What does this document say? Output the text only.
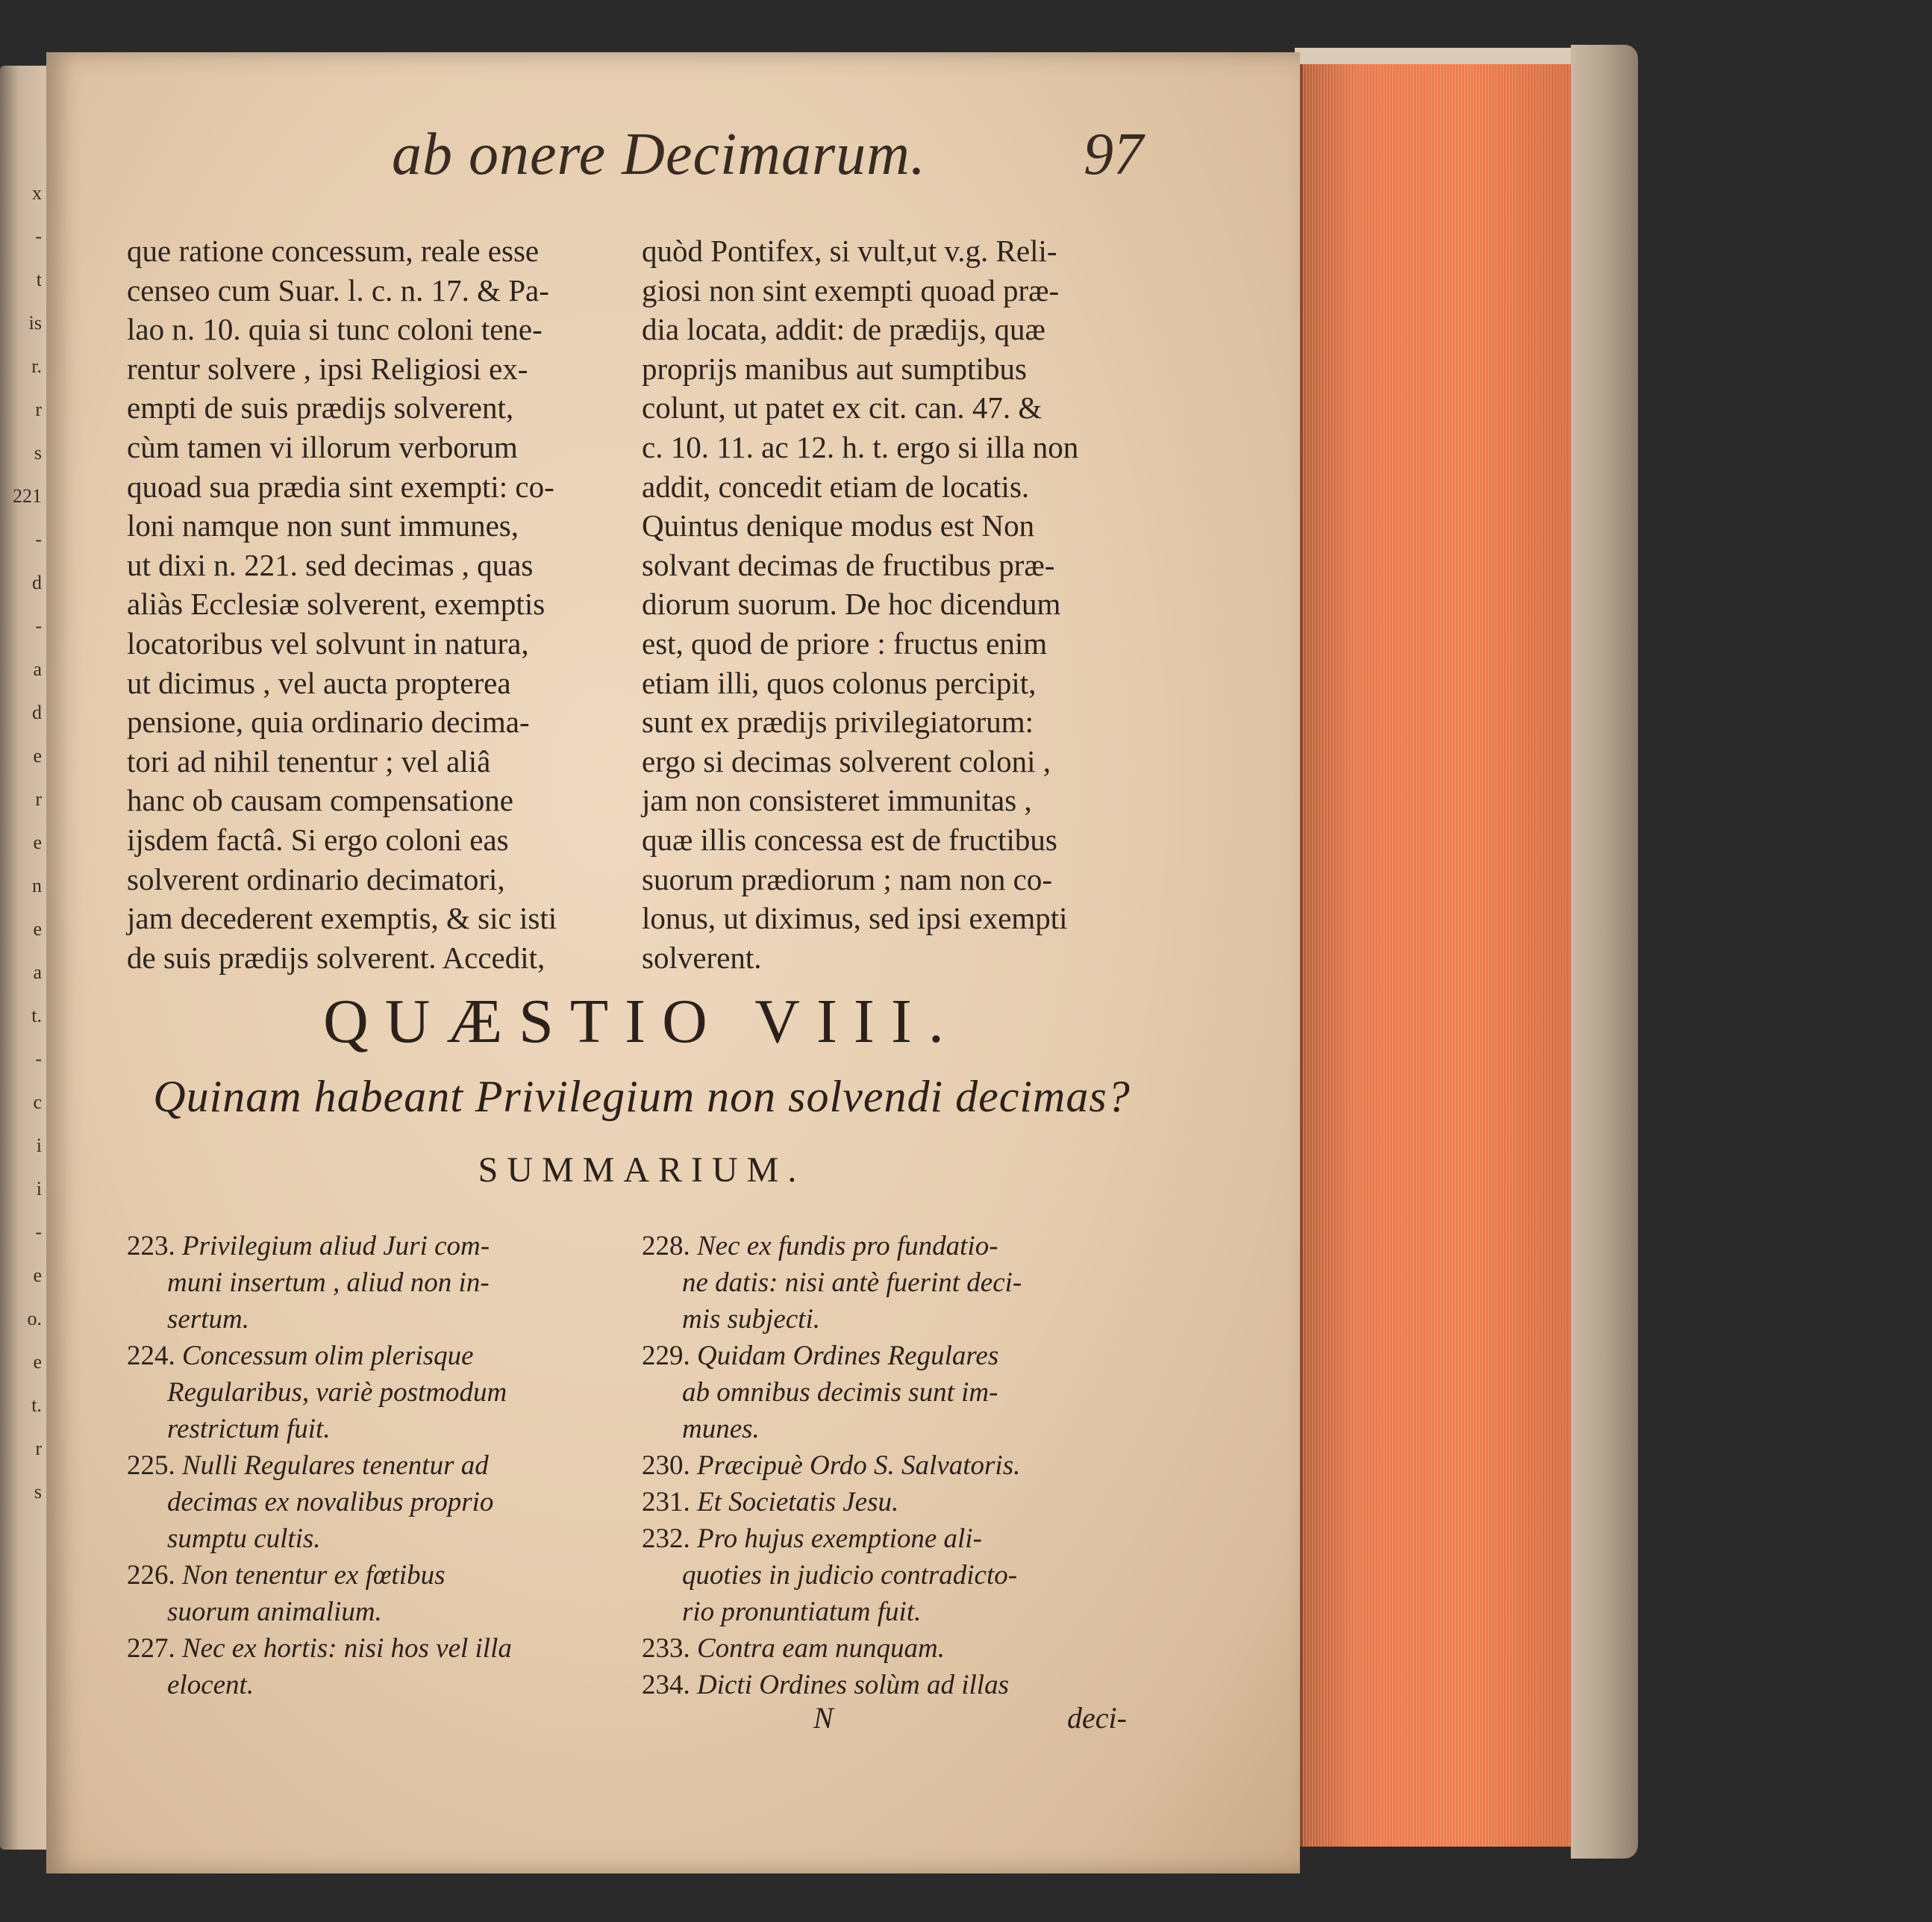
x
-
t
is
r.
r
s
221
-
d
-
a
d
e
r
e
n
e
a
t.
-
c
i
i
-
e
o.
e
t.
r
s
ab onere Decimarum.	97
que ratione concessum, reale esse
censeo cum Suar. l. c. n. 17. & Pa-
lao n. 10. quia si tunc coloni tene-
rentur solvere , ipsi Religiosi ex-
empti de suis prædijs solverent,
cùm tamen vi illorum verborum
quoad sua prædia sint exempti: co-
loni namque non sunt immunes,
ut dixi n. 221. sed decimas , quas
aliàs Ecclesiæ solverent, exemptis
locatoribus vel solvunt in natura,
ut dicimus , vel aucta propterea
pensione, quia ordinario decima-
tori ad nihil tenentur ; vel aliâ
hanc ob causam compensatione
ijsdem factâ. Si ergo coloni eas
solverent ordinario decimatori,
jam decederent exemptis, & sic isti
de suis prædijs solverent. Accedit,
quòd Pontifex, si vult,ut v.g. Reli-
giosi non sint exempti quoad præ-
dia locata, addit: de prædijs, quæ
proprijs manibus aut sumptibus
colunt, ut patet ex cit. can. 47. &
c. 10. 11. ac 12. h. t. ergo si illa non
addit, concedit etiam de locatis.
Quintus denique modus est Non
solvant decimas de fructibus præ-
diorum suorum. De hoc dicendum
est, quod de priore : fructus enim
etiam illi, quos colonus percipit,
sunt ex prædijs privilegiatorum:
ergo si decimas solverent coloni ,
jam non consisteret immunitas ,
quæ illis concessa est de fructibus
suorum prædiorum ; nam non co-
lonus, ut diximus, sed ipsi exempti
solverent.
QUÆSTIO VIII.
Quinam habeant Privilegium non solvendi decimas?
SUMMARIUM.
223. Privilegium aliud Juri com-
muni insertum , aliud non in-
sertum.
224. Concessum olim plerisque
Regularibus, variè postmodum
restrictum fuit.
225. Nulli Regulares tenentur ad
decimas ex novalibus proprio
sumptu cultis.
226. Non tenentur ex fœtibus
suorum animalium.
227. Nec ex hortis: nisi hos vel illa
elocent.
228. Nec ex fundis pro fundatio-
ne datis: nisi antè fuerint deci-
mis subjecti.
229. Quidam Ordines Regulares
ab omnibus decimis sunt im-
munes.
230. Præcipuè Ordo S. Salvatoris.
231. Et Societatis Jesu.
232. Pro hujus exemptione ali-
quoties in judicio contradicto-
rio pronuntiatum fuit.
233. Contra eam nunquam.
234. Dicti Ordines solùm ad illas
N	deci-
